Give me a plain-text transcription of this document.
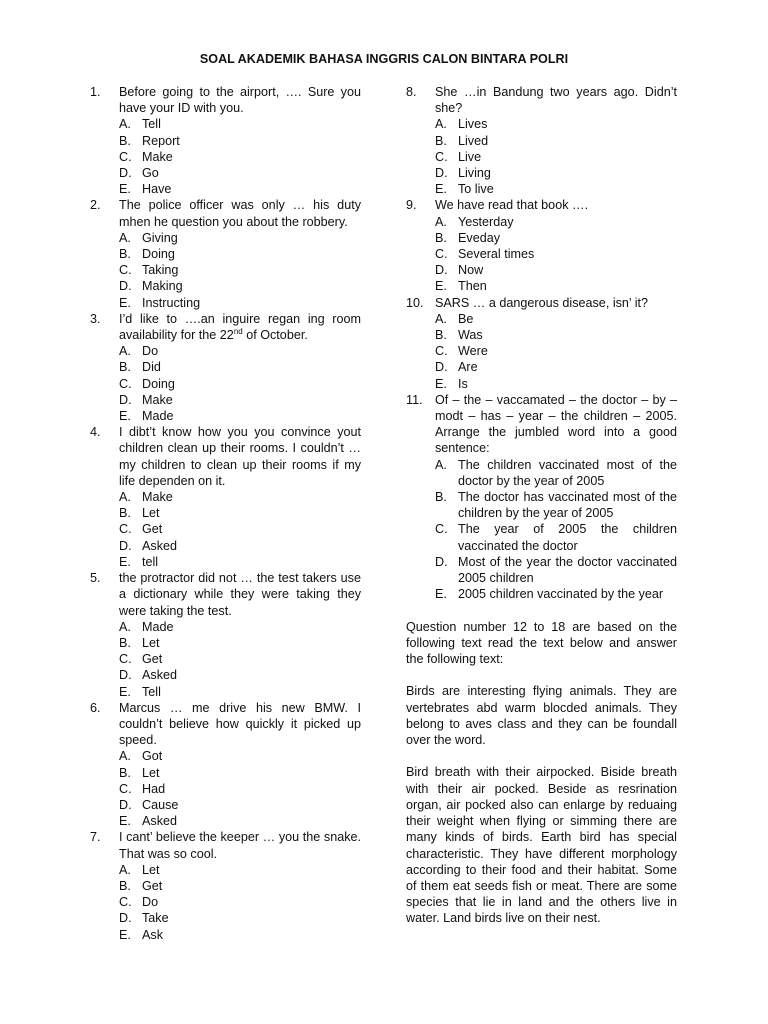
SOAL AKADEMIK BAHASA INGGRIS CALON BINTARA POLRI
1.	Before going to the airport, …. Sure you have your ID with you.
A. Tell
B. Report
C. Make
D. Go
E. Have
2.	The police officer was only … his duty mhen he question you about the robbery.
A. Giving
B. Doing
C. Taking
D. Making
E. Instructing
3.	I’d like to ….an inguire regan ing room availability for the 22nd of October.
A. Do
B. Did
C. Doing
D. Make
E. Made
4.	I dibt’t know how you you convince yout children clean up their rooms. I couldn’t … my children to clean up their rooms if my life dependen on it.
A. Make
B. Let
C. Get
D. Asked
E. tell
5.	the protractor did not … the test takers use a dictionary while they were taking they were taking the test.
A. Made
B. Let
C. Get
D. Asked
E. Tell
6.	Marcus … me drive his new BMW. I couldn’t believe how quickly it picked up speed.
A. Got
B. Let
C. Had
D. Cause
E. Asked
7.	I cant’ believe the keeper … you the snake. That was so cool.
A. Let
B. Get
C. Do
D. Take
E. Ask
8.	She …in Bandung two years ago. Didn’t she?
A. Lives
B. Lived
C. Live
D. Living
E. To live
9.	We have read that book ….
A. Yesterday
B. Eveday
C. Several times
D. Now
E. Then
10. SARS … a dangerous disease, isn’ it?
A. Be
B. Was
C. Were
D. Are
E. Is
11. Of – the – vaccamated – the doctor – by – modt – has – year – the children – 2005. Arrange the jumbled word into a good sentence:
A. The children vaccinated most of the doctor by the year of 2005
B. The doctor has vaccinated most of the children by the year of 2005
C. The year of 2005 the children vaccinated the doctor
D. Most of the year the doctor vaccinated 2005 children
E. 2005 children vaccinated by the year
Question number 12 to 18 are based on the following text read the text below and answer the following text:
Birds are interesting flying animals. They are vertebrates abd warm blocded animals. They belong to aves class and they can be foundall over the word.
Bird breath with their airpocked. Biside breath with their air pocked. Beside as resrination organ, air pocked also can enlarge by reduaing their weight when flying or simming there are many kinds of birds. Earth bird has special characteristic. They have different morphology according to their food and their habitat. Some of them eat seeds fish or meat. There are some species that lie in land and the others live in water. Land birds live on their nest.
